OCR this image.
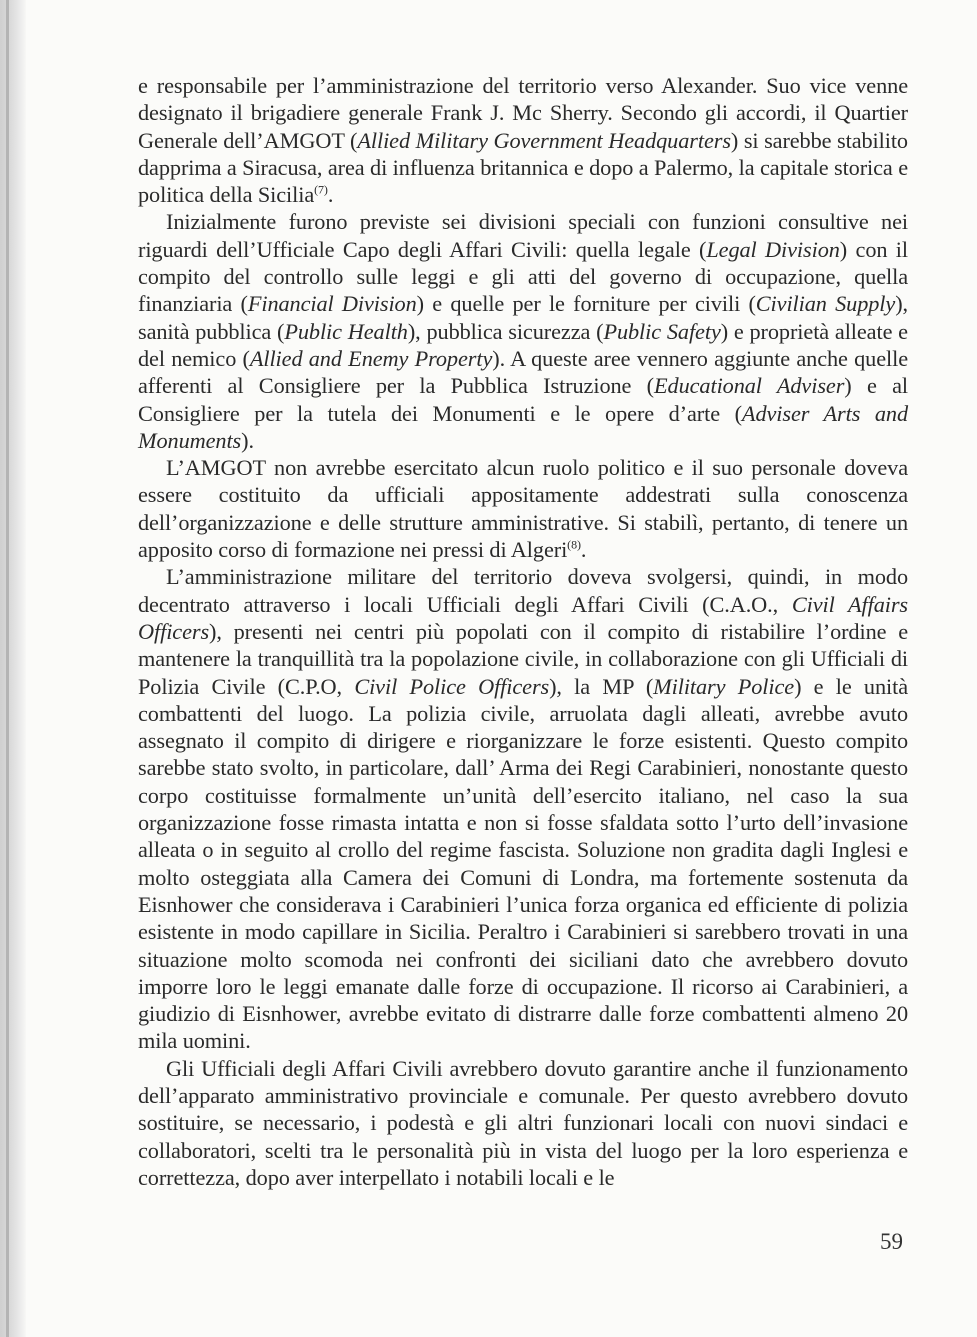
e responsabile per l’amministrazione del territorio verso Alexander. Suo vice venne designato il brigadiere generale Frank J. Mc Sherry. Secondo gli accordi, il Quartier Generale dell’AMGOT (Allied Military Government Headquarters) si sarebbe stabilito dapprima a Siracusa, area di influenza britannica e dopo a Palermo, la capitale storica e politica della Sicilia$^{(7)}$.

Inizialmente furono previste sei divisioni speciali con funzioni consultive nei riguardi dell’Ufficiale Capo degli Affari Civili: quella legale (Legal Division) con il compito del controllo sulle leggi e gli atti del governo di occupazione, quella finanziaria (Financial Division) e quelle per le forniture per civili (Civilian Supply), sanità pubblica (Public Health), pubblica sicurezza (Public Safety) e proprietà alleate e del nemico (Allied and Enemy Property). A queste aree vennero aggiunte anche quelle afferenti al Consigliere per la Pubblica Istruzione (Educational Adviser) e al Consigliere per la tutela dei Monumenti e le opere d’arte (Adviser Arts and Monuments).

L’AMGOT non avrebbe esercitato alcun ruolo politico e il suo personale doveva essere costituito da ufficiali appositamente addestrati sulla conoscenza dell’organizzazione e delle strutture amministrative. Si stabilì, pertanto, di tenere un apposito corso di formazione nei pressi di Algeri$^{(8)}$.

L’amministrazione militare del territorio doveva svolgersi, quindi, in modo decentrato attraverso i locali Ufficiali degli Affari Civili (C.A.O., Civil Affairs Officers), presenti nei centri più popolati con il compito di ristabilire l’ordine e mantenere la tranquillità tra la popolazione civile, in collaborazione con gli Ufficiali di Polizia Civile (C.P.O, Civil Police Officers), la MP (Military Police) e le unità combattenti del luogo. La polizia civile, arruolata dagli alleati, avrebbe avuto assegnato il compito di dirigere e riorganizzare le forze esistenti. Questo compito sarebbe stato svolto, in particolare, dall’ Arma dei Regi Carabinieri, nonostante questo corpo costituisse formalmente un’unità dell’esercito italiano, nel caso la sua organizzazione fosse rimasta intatta e non si fosse sfaldata sotto l’urto dell’invasione alleata o in seguito al crollo del regime fascista. Soluzione non gradita dagli Inglesi e molto osteggiata alla Camera dei Comuni di Londra, ma fortemente sostenuta da Eisnhower che considerava i Carabinieri l’unica forza organica ed efficiente di polizia esistente in modo capillare in Sicilia. Peraltro i Carabinieri si sarebbero trovati in una situazione molto scomoda nei confronti dei siciliani dato che avrebbero dovuto imporre loro le leggi emanate dalle forze di occupazione. Il ricorso ai Carabinieri, a giudizio di Eisnhower, avrebbe evitato di distrarre dalle forze combattenti almeno 20 mila uomini.

Gli Ufficiali degli Affari Civili avrebbero dovuto garantire anche il funzionamento dell’apparato amministrativo provinciale e comunale. Per questo avrebbero dovuto sostituire, se necessario, i podestà e gli altri funzionari locali con nuovi sindaci e collaboratori, scelti tra le personalità più in vista del luogo per la loro esperienza e correttezza, dopo aver interpellato i notabili locali e le

59
